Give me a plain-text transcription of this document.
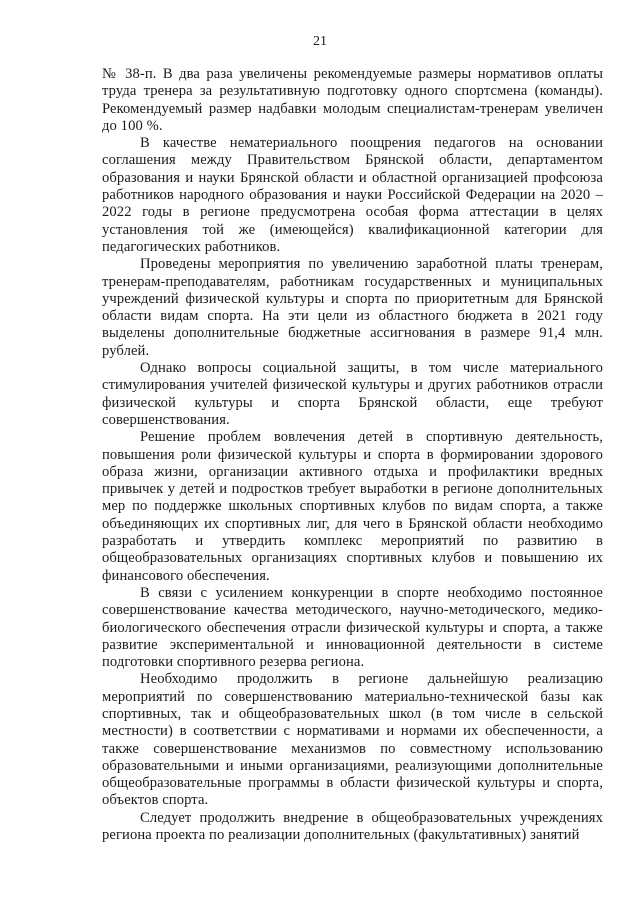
21

№ 38-п. В два раза увеличены рекомендуемые размеры нормативов оплаты труда тренера за результативную подготовку одного спортсмена (команды). Рекомендуемый размер надбавки молодым специалистам-тренерам увеличен до 100 %.

В качестве нематериального поощрения педагогов на основании соглашения между Правительством Брянской области, департаментом образования и науки Брянской области и областной организацией профсоюза работников народного образования и науки Российской Федерации на 2020 – 2022 годы в регионе предусмотрена особая форма аттестации в целях установления той же (имеющейся) квалификационной категории для педагогических работников.

Проведены мероприятия по увеличению заработной платы тренерам, тренерам-преподавателям, работникам государственных и муниципальных учреждений физической культуры и спорта по приоритетным для Брянской области видам спорта. На эти цели из областного бюджета в 2021 году выделены дополнительные бюджетные ассигнования в размере 91,4 млн. рублей.

Однако вопросы социальной защиты, в том числе материального стимулирования учителей физической культуры и других работников отрасли физической культуры и спорта Брянской области, еще требуют совершенствования.

Решение проблем вовлечения детей в спортивную деятельность, повышения роли физической культуры и спорта в формировании здорового образа жизни, организации активного отдыха и профилактики вредных привычек у детей и подростков требует выработки в регионе дополнительных мер по поддержке школьных спортивных клубов по видам спорта, а также объединяющих их спортивных лиг, для чего в Брянской области необходимо разработать и утвердить комплекс мероприятий по развитию в общеобразовательных организациях спортивных клубов и повышению их финансового обеспечения.

В связи с усилением конкуренции в спорте необходимо постоянное совершенствование качества методического, научно-методического, медико-биологического обеспечения отрасли физической культуры и спорта, а также развитие экспериментальной и инновационной деятельности в системе подготовки спортивного резерва региона.

Необходимо продолжить в регионе дальнейшую реализацию мероприятий по совершенствованию материально-технической базы как спортивных, так и общеобразовательных школ (в том числе в сельской местности) в соответствии с нормативами и нормами их обеспеченности, а также совершенствование механизмов по совместному использованию образовательными и иными организациями, реализующими дополнительные общеобразовательные программы в области физической культуры и спорта, объектов спорта.

Следует продолжить внедрение в общеобразовательных учреждениях региона проекта по реализации дополнительных (факультативных) занятий
